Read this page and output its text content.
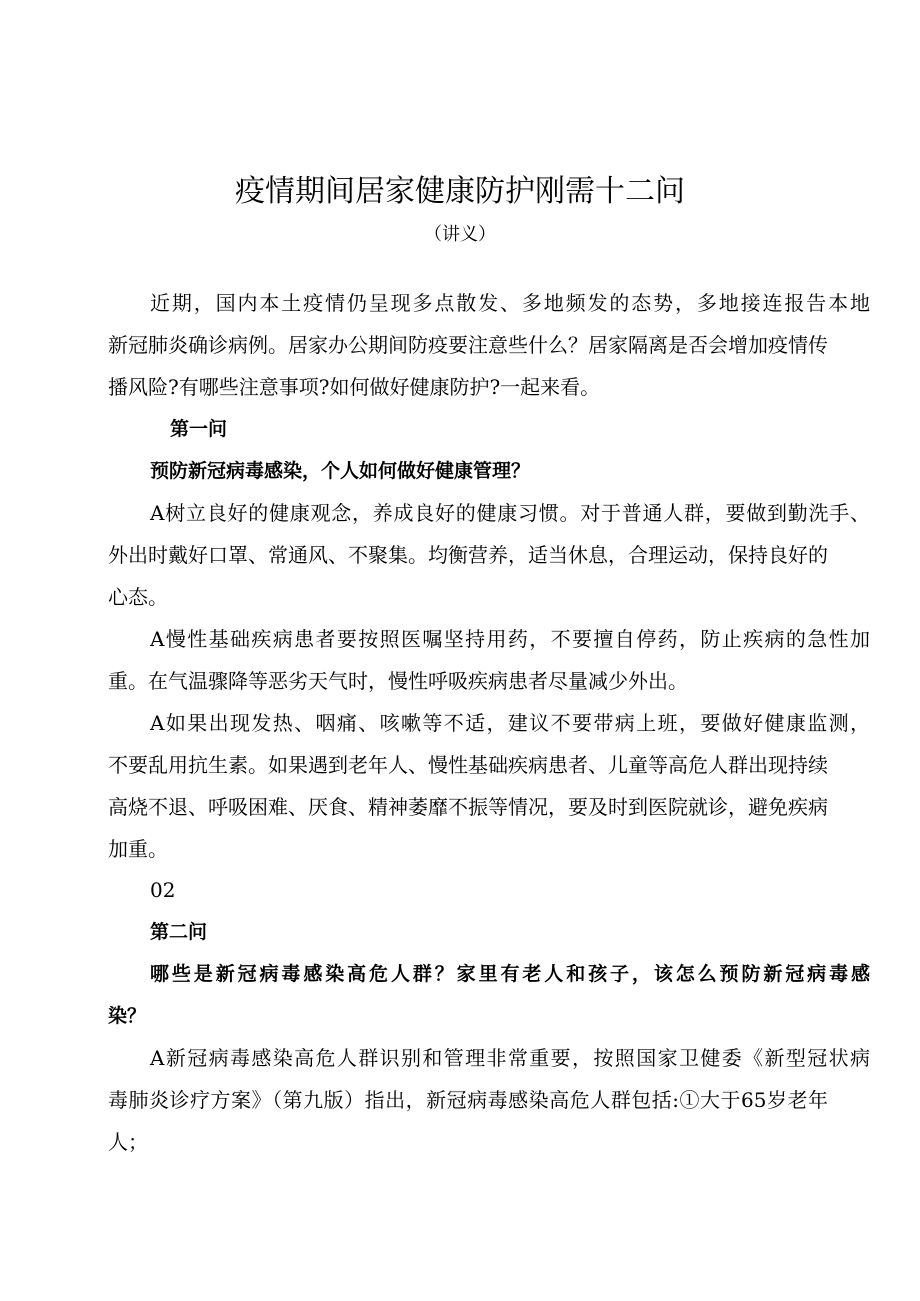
疫情期间居家健康防护刚需十二问
（讲义）
近期，国内本土疫情仍呈现多点散发、多地频发的态势，多地接连报告本地
新冠肺炎确诊病例。居家办公期间防疫要注意些什么？居家隔离是否会增加疫情传
播风险?有哪些注意事项?如何做好健康防护?一起来看。
第一问
预防新冠病毒感染，个人如何做好健康管理？
A树立良好的健康观念，养成良好的健康习惯。对于普通人群，要做到勤洗手、
外出时戴好口罩、常通风、不聚集。均衡营养，适当休息，合理运动，保持良好的
心态。
A慢性基础疾病患者要按照医嘱坚持用药，不要擅自停药，防止疾病的急性加
重。在气温骤降等恶劣天气时，慢性呼吸疾病患者尽量减少外出。
A如果出现发热、咽痛、咳嗽等不适，建议不要带病上班，要做好健康监测，
不要乱用抗生素。如果遇到老年人、慢性基础疾病患者、儿童等高危人群出现持续
高烧不退、呼吸困难、厌食、精神萎靡不振等情况，要及时到医院就诊，避免疾病
加重。
02
第二问
哪些是新冠病毒感染高危人群？家里有老人和孩子，该怎么预防新冠病毒感
染？
A新冠病毒感染高危人群识别和管理非常重要，按照国家卫健委《新型冠状病
毒肺炎诊疗方案》（第九版）指出，新冠病毒感染高危人群包括:①大于65岁老年
人；
